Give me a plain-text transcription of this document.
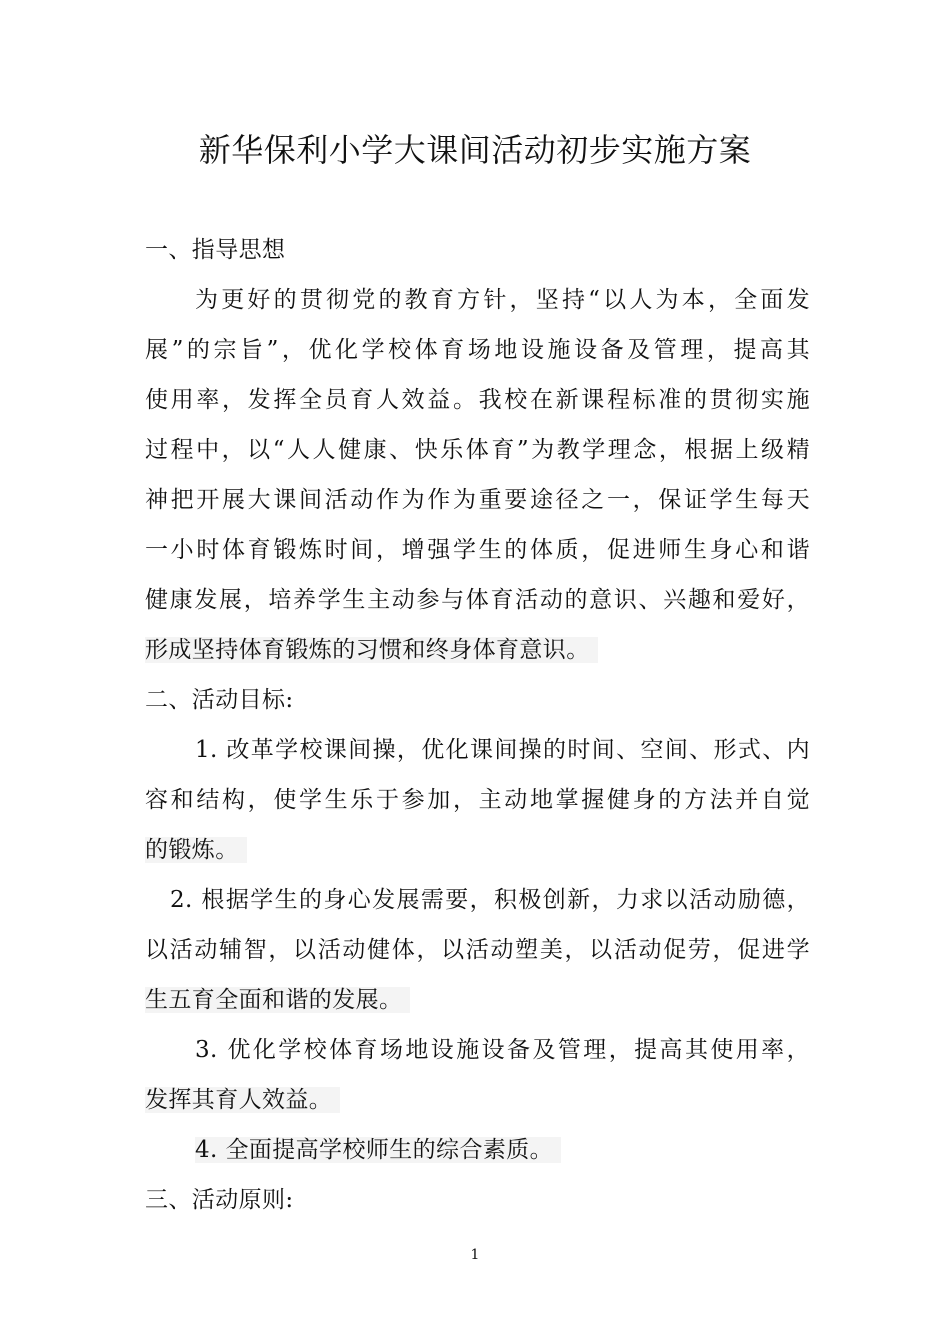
新华保利小学大课间活动初步实施方案
一、指导思想
为更好的贯彻党的教育方针，坚持“以人为本，全面发
展”的宗旨”，优化学校体育场地设施设备及管理，提高其
使用率，发挥全员育人效益。我校在新课程标准的贯彻实施
过程中，以“人人健康、快乐体育”为教学理念，根据上级精
神把开展大课间活动作为作为重要途径之一，保证学生每天
一小时体育锻炼时间，增强学生的体质，促进师生身心和谐
健康发展，培养学生主动参与体育活动的意识、兴趣和爱好，
形成坚持体育锻炼的习惯和终身体育意识。
二、活动目标:
1. 改革学校课间操，优化课间操的时间、空间、形式、内
容和结构，使学生乐于参加，主动地掌握健身的方法并自觉
的锻炼。
2. 根据学生的身心发展需要，积极创新，力求以活动励德，
以活动辅智，以活动健体，以活动塑美，以活动促劳，促进学
生五育全面和谐的发展。
3. 优化学校体育场地设施设备及管理，提高其使用率，
发挥其育人效益。
4. 全面提高学校师生的综合素质。
三、活动原则:
1
